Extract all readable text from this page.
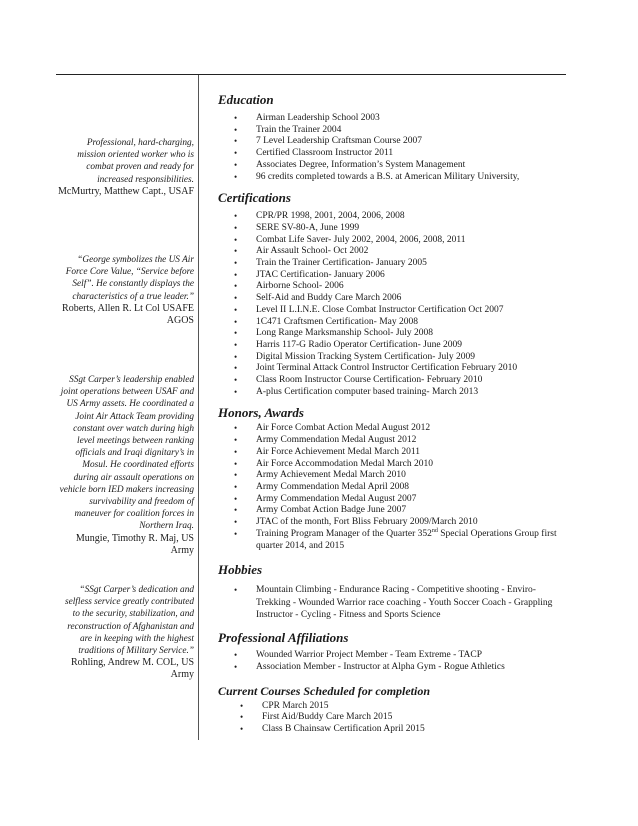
Professional, hard-charging, mission oriented worker who is combat proven and ready for increased responsibilities.
McMurtry, Matthew Capt., USAF
“George symbolizes the US Air Force Core Value, “Service before Self”. He constantly displays the characteristics of a true leader.”
Roberts, Allen R. Lt Col USAFE AGOS
SSgt Carper’s leadership enabled joint operations between USAF and US Army assets. He coordinated a Joint Air Attack Team providing constant over watch during high level meetings between ranking officials and Iraqi dignitary’s in Mosul. He coordinated efforts during air assault operations on vehicle born IED makers increasing survivability and freedom of maneuver for coalition forces in Northern Iraq.
Mungie, Timothy R. Maj, US Army
“SSgt Carper’s dedication and selfless service greatly contributed to the security, stabilization, and reconstruction of Afghanistan and are in keeping with the highest traditions of Military Service.” Rohling, Andrew M. COL, US Army
Education
• Airman Leadership School 2003
• Train the Trainer 2004
• 7 Level Leadership Craftsman Course 2007
• Certified Classroom Instructor 2011
• Associates Degree, Information’s System Management
• 96 credits completed towards a B.S. at American Military University,
Certifications
• CPR/PR 1998, 2001, 2004, 2006, 2008
• SERE SV-80-A, June 1999
• Combat Life Saver- July 2002, 2004, 2006, 2008, 2011
• Air Assault School- Oct 2002
• Train the Trainer Certification- January 2005
• JTAC Certification- January 2006
• Airborne School- 2006
• Self-Aid and Buddy Care March 2006
• Level II L.I.N.E. Close Combat Instructor Certification Oct 2007
• 1C471 Craftsmen Certification- May 2008
• Long Range Marksmanship School- July 2008
• Harris 117-G Radio Operator Certification- June 2009
• Digital Mission Tracking System Certification- July 2009
• Joint Terminal Attack Control Instructor Certification February 2010
• Class Room Instructor Course Certification- February 2010
• A-plus Certification computer based training- March 2013
Honors, Awards
• Air Force Combat Action Medal August 2012
• Army Commendation Medal August 2012
• Air Force Achievement Medal March 2011
• Air Force Accommodation Medal March 2010
• Army Achievement Medal March 2010
• Army Commendation Medal April 2008
• Army Commendation Medal August 2007
• Army Combat Action Badge June 2007
• JTAC of the month, Fort Bliss February 2009/March 2010
• Training Program Manager of the Quarter 352nd Special Operations Group first quarter 2014, and 2015
Hobbies
• Mountain Climbing - Endurance Racing - Competitive shooting - Enviro-Trekking - Wounded Warrior race coaching - Youth Soccer Coach - Grappling Instructor - Cycling - Fitness and Sports Science
Professional Affiliations
• Wounded Warrior Project Member - Team Extreme - TACP
• Association Member - Instructor at Alpha Gym - Rogue Athletics
Current Courses Scheduled for completion
• CPR March 2015
• First Aid/Buddy Care March 2015
• Class B Chainsaw Certification April 2015
